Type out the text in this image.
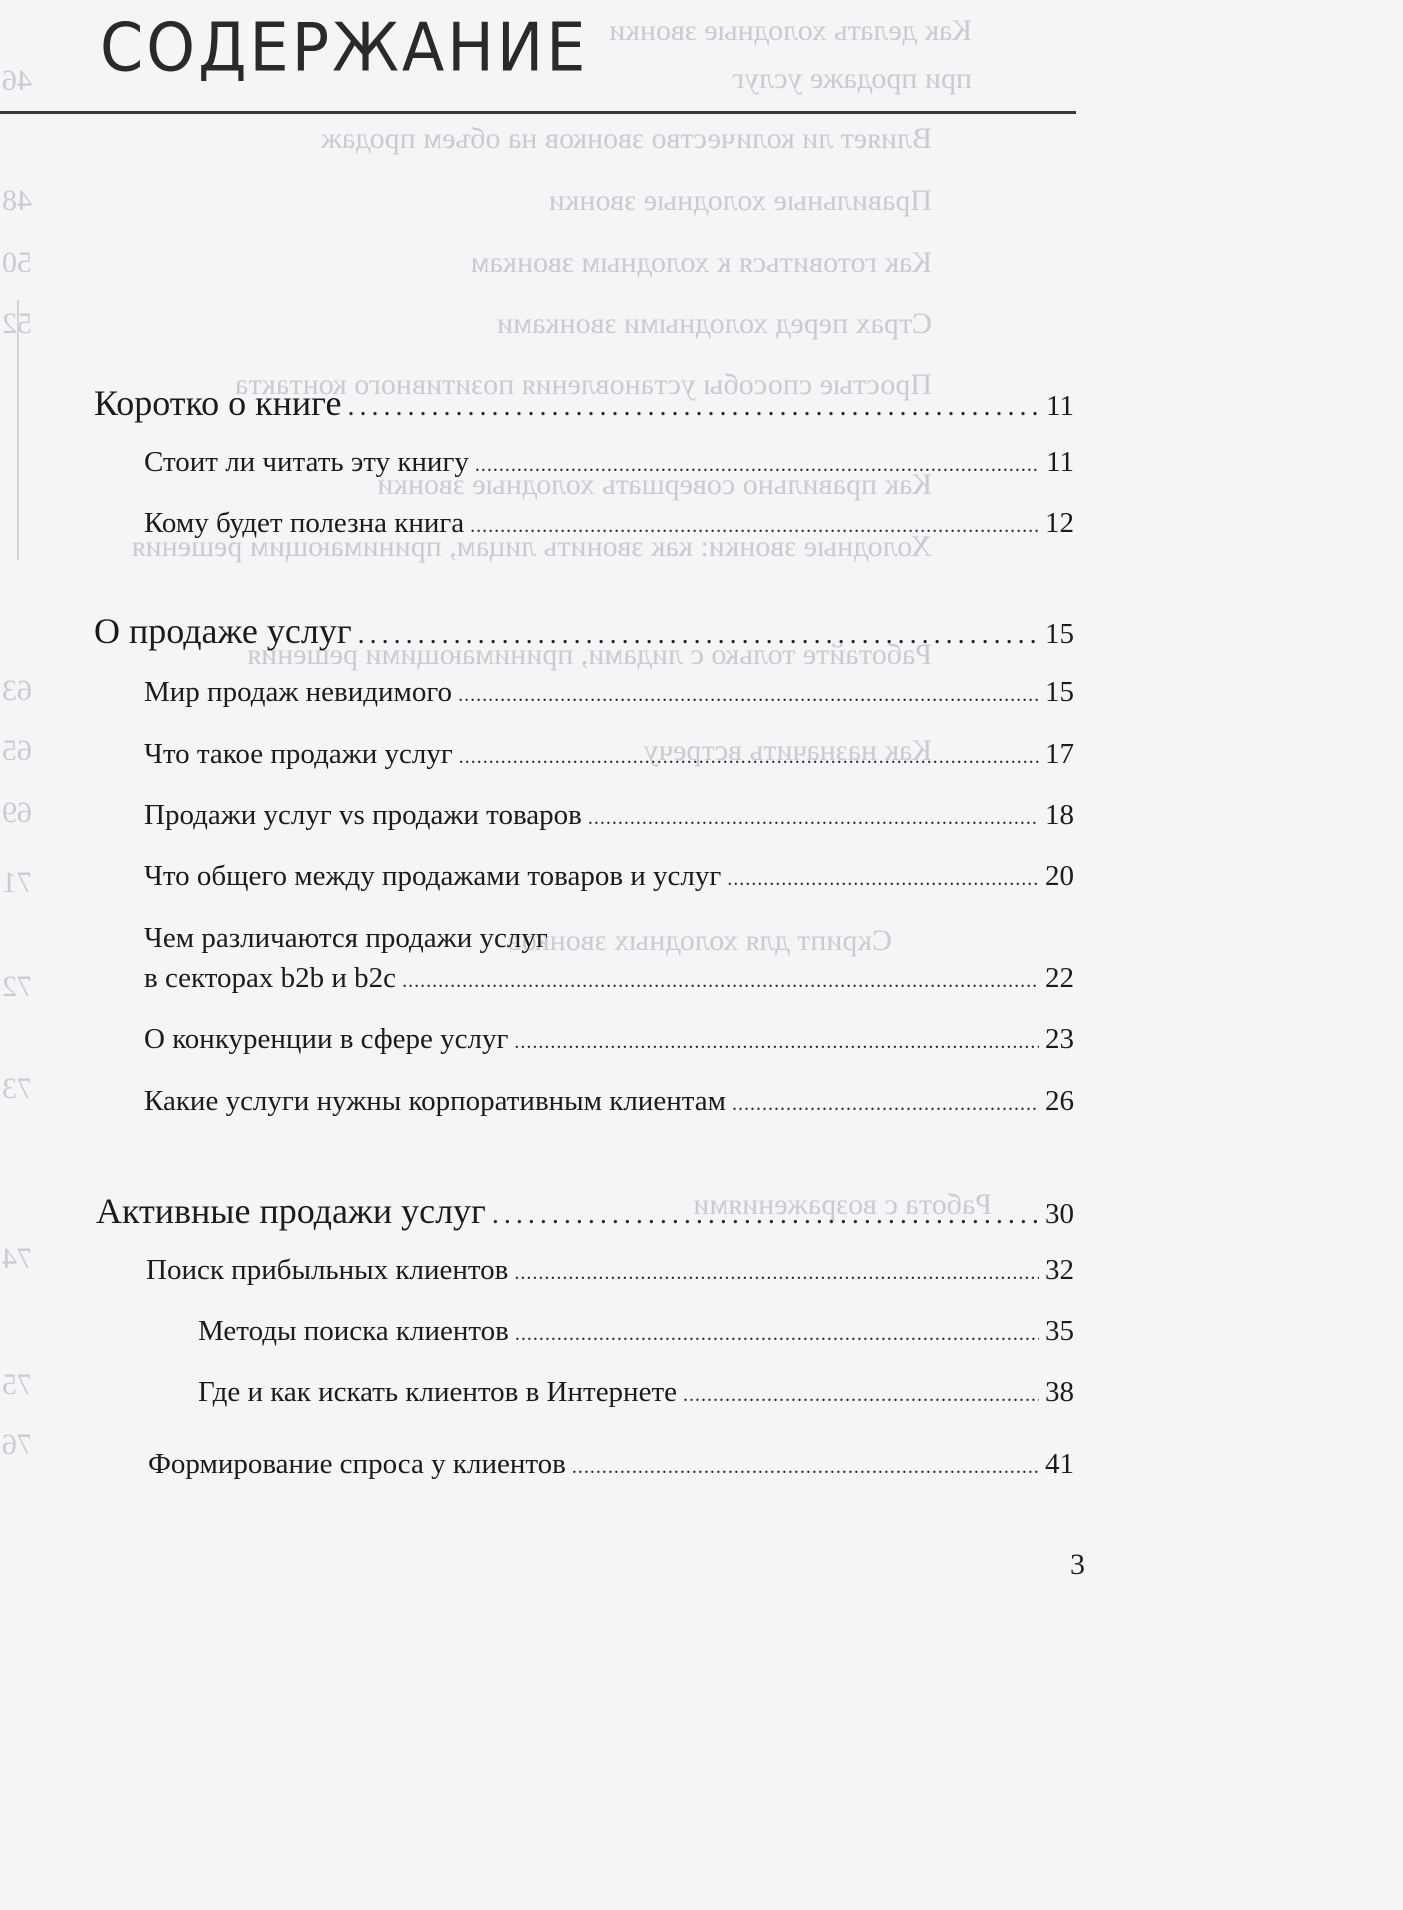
Как делать холодные звонки
при продаже услуг
Влияет ли количество звонков на объем продаж
Правильные холодные звонки
Как готовиться к холодным звонкам
Страх перед холодными звонками
Простые способы установления позитивного контакта
Как правильно совершать холодные звонки
Холодные звонки: как звонить лицам, принимающим решения
Работайте только с лидами, принимающими решения
Как назначить встречу
Скрипт для холодных звонков
Работа с возражениями
46
48
50
52
63
65
69
71
72
73
74
75
76
СОДЕРЖАНИЕ
Коротко о книге .....	11
Стоит ли читать эту книгу .....	11
Кому будет полезна книга .....	12
О продаже услуг .....	15
Мир продаж невидимого .....	15
Что такое продажи услуг .....	17
Продажи услуг vs продажи товаров .....	18
Что общего между продажами товаров и услуг .....	20
Чем различаются продажи услуг
в секторах b2b и b2c .....	22
О конкуренции в сфере услуг .....	23
Какие услуги нужны корпоративным клиентам .....	26
Активные продажи услуг .....	30
Поиск прибыльных клиентов .....	32
Методы поиска клиентов .....	35
Где и как искать клиентов в Интернете .....	38
Формирование спроса у клиентов .....	41
3
